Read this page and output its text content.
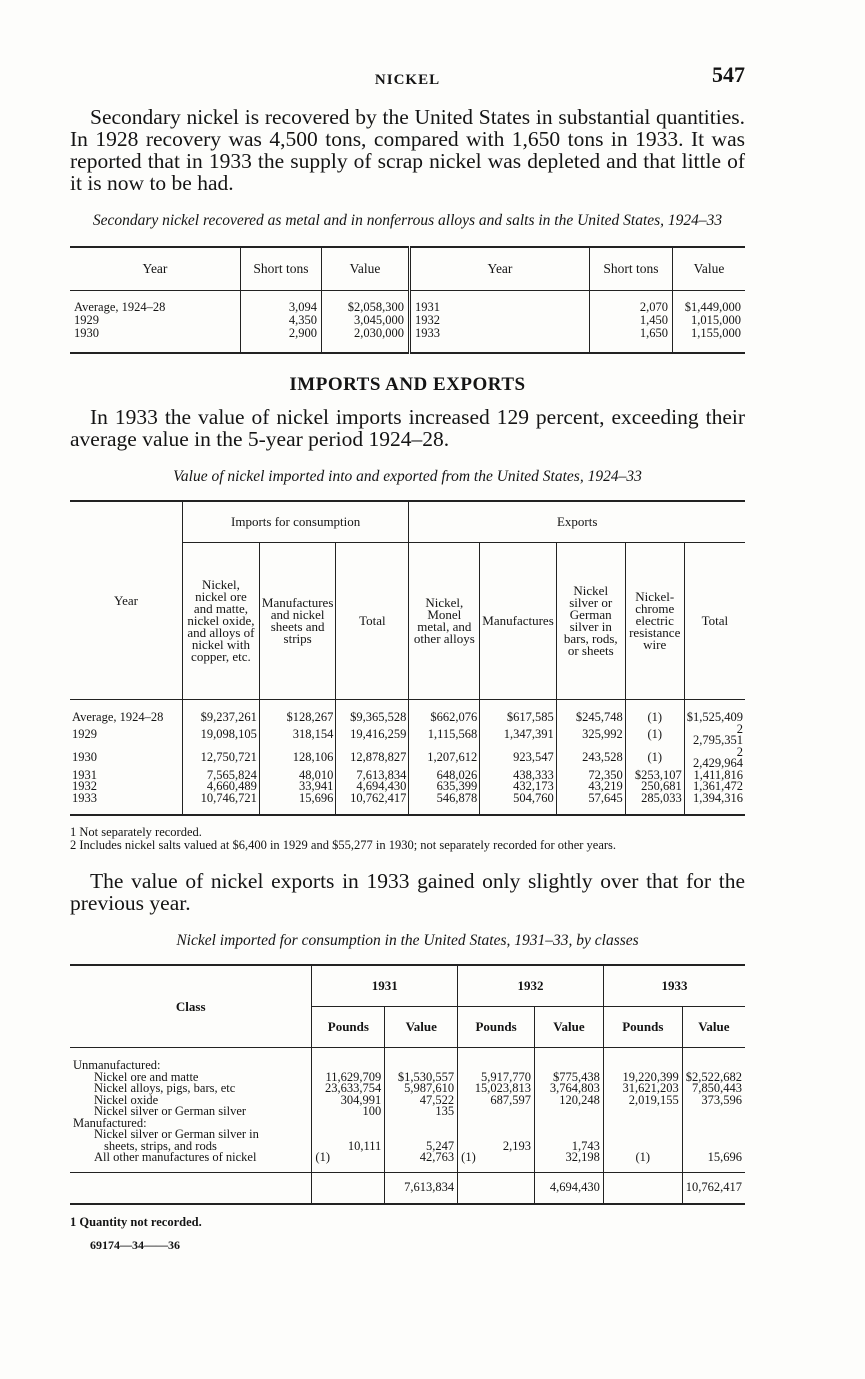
NICKEL	547

Secondary nickel is recovered by the United States in substantial quantities. In 1928 recovery was 4,500 tons, compared with 1,650 tons in 1933. It was reported that in 1933 the supply of scrap nickel was depleted and that little of it is now to be had.

Secondary nickel recovered as metal and in nonferrous alloys and salts in the United States, 1924–33
Year	Short tons	Value	Year	Short tons	Value
Average, 1924–28	3,094	$2,058,300	1931	2,070	$1,449,000
1929	4,350	3,045,000	1932	1,450	1,015,000
1930	2,900	2,030,000	1933	1,650	1,155,000
IMPORTS AND EXPORTS

In 1933 the value of nickel imports increased 129 percent, exceeding their average value in the 5-year period 1924–28.

Value of nickel imported into and exported from the United States, 1924–33
Year	Imports for consumption			Exports				
	Nickel, nickel ore and matte, nickel oxide, and alloys of nickel with copper, etc.	Manufactures and nickel sheets and strips	Total	Nickel, Monel metal, and other alloys	Manufactures	Nickel silver or German silver in bars, rods, or sheets	Nickel-chrome electric resistance wire	Total
Average, 1924–28	$9,237,261	$128,267	$9,365,528	$662,076	$617,585	$245,748	(1)	$1,525,409
1929	19,098,105	318,154	19,416,259	1,115,568	1,347,391	325,992	(1)	2 2,795,351
1930	12,750,721	128,106	12,878,827	1,207,612	923,547	243,528	(1)	2 2,429,964
1931	7,565,824	48,010	7,613,834	648,026	438,333	72,350	$253,107	1,411,816
1932	4,660,489	33,941	4,694,430	635,399	432,173	43,219	250,681	1,361,472
1933	10,746,721	15,696	10,762,417	546,878	504,760	57,645	285,033	1,394,316
1 Not separately recorded.
2 Includes nickel salts valued at $6,400 in 1929 and $55,277 in 1930; not separately recorded for other years.

The value of nickel exports in 1933 gained only slightly over that for the previous year.

Nickel imported for consumption in the United States, 1931–33, by classes
Class	1931		1932		1933	
	Pounds	Value	Pounds	Value	Pounds	Value
Unmanufactured:						
Nickel ore and matte	11,629,709	$1,530,557	5,917,770	$775,438	19,220,399	$2,522,682
Nickel alloys, pigs, bars, etc	23,633,754	5,987,610	15,023,813	3,764,803	31,621,203	7,850,443
Nickel oxide	304,991	47,522	687,597	120,248	2,019,155	373,596
Nickel silver or German silver	100	135				
Manufactured:						
Nickel silver or German silver in						
sheets, strips, and rods	10,111	5,247	2,193	1,743		
All other manufactures of nickel	(1)	42,763	(1)	32,198	(1)	15,696
		7,613,834		4,694,430		10,762,417
1 Quantity not recorded.
69174—34——36
